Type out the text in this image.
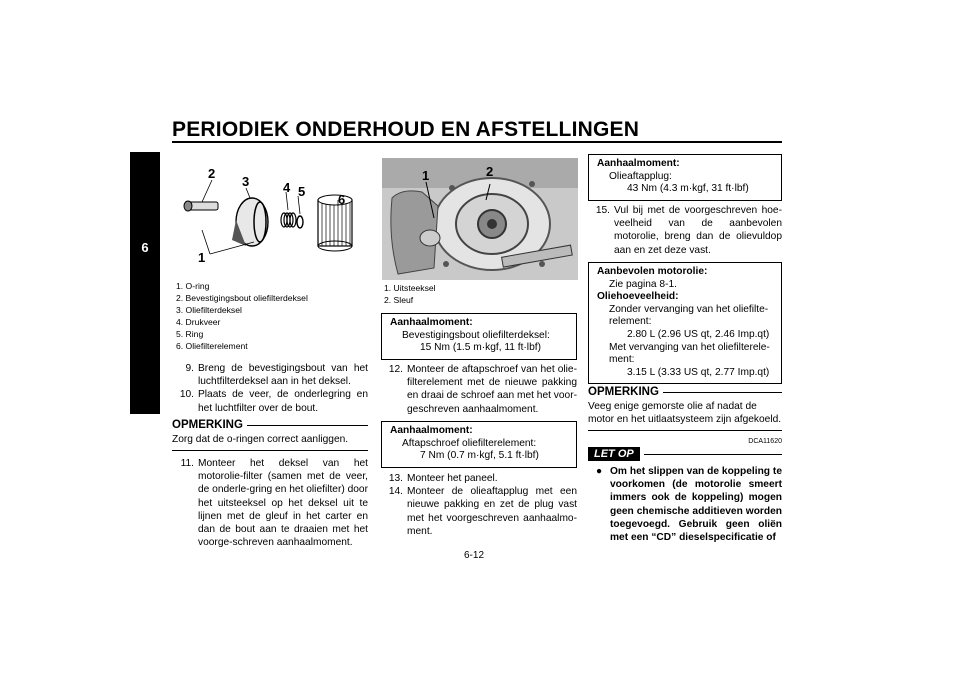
PERIODIEK ONDERHOUD EN AFSTELLINGEN
6
2
3	4 5
6
1
1. O-ring
2. Bevestigingsbout oliefilterdeksel
3. Oliefilterdeksel
4. Drukveer
5. Ring
6. Oliefilterelement
9. Breng de bevestigingsbout van het luchtfilterdeksel aan in het deksel.
10. Plaats de veer, de onderlegring en het luchtfilter over de bout.
OPMERKING
Zorg dat de o-ringen correct aanliggen.
11. Monteer het deksel van het motorolie-filter (samen met de veer, de onderle-gring en het oliefilter) door het uitsteeksel op het deksel uit te lijnen met de gleuf in het carter en dan de bout aan te draaien met het voorge-schreven aanhaalmoment.
1	2
1. Uitsteeksel
2. Sleuf
Aanhaalmoment:
Bevestigingsbout oliefilterdeksel:
15 Nm (1.5 m·kgf, 11 ft·lbf)
12. Monteer de aftapschroef van het olie-filterelement met de nieuwe pakking en draai de schroef aan met het voor-geschreven aanhaalmoment.
Aanhaalmoment:
Aftapschroef oliefilterelement:
7 Nm (0.7 m·kgf, 5.1 ft·lbf)
13. Monteer het paneel.
14. Monteer de olieaftapplug met een nieuwe pakking en zet de plug vast met het voorgeschreven aanhaalmo-ment.
Aanhaalmoment:
Olieaftapplug:
43 Nm (4.3 m·kgf, 31 ft·lbf)
15. Vul bij met de voorgeschreven hoe-veelheid van de aanbevolen motorolie, breng dan de olievuldop aan en zet deze vast.
Aanbevolen motorolie:
Zie pagina 8-1.
Oliehoeveelheid:
Zonder vervanging van het oliefilte-relement:
2.80 L (2.96 US qt, 2.46 Imp.qt)
Met vervanging van het oliefilterele-ment:
3.15 L (3.33 US qt, 2.77 Imp.qt)
OPMERKING
Veeg enige gemorste olie af nadat de motor en het uitlaatsysteem zijn afgekoeld.
DCA11620
LET OP
● Om het slippen van de koppeling te voorkomen (de motorolie smeert immers ook de koppeling) mogen geen chemische additieven worden toegevoegd. Gebruik geen oliën met een “CD” dieselspecificatie of
6-12
